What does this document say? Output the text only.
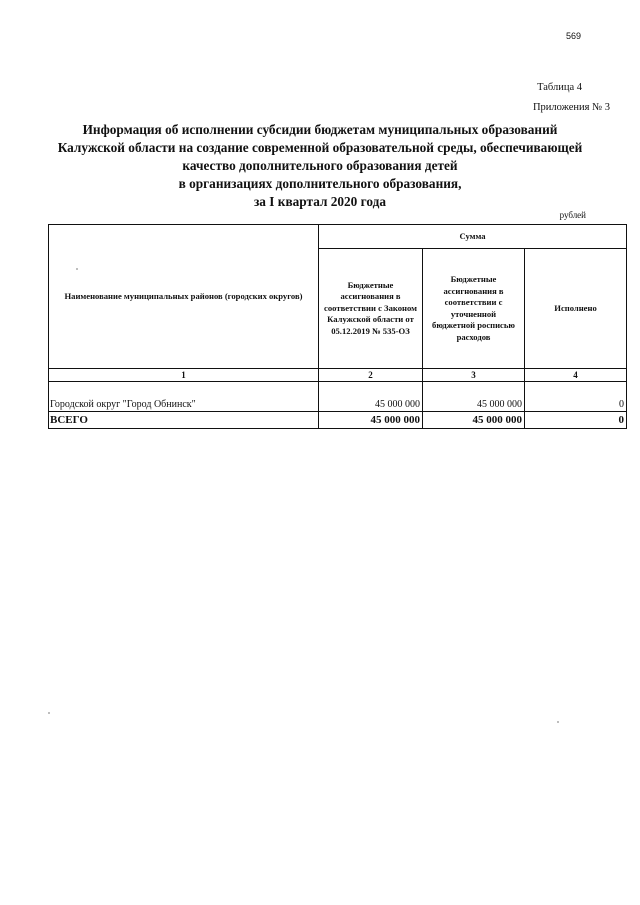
569
Таблица 4
Приложения № 3
Информация об исполнении субсидии бюджетам муниципальных образований
Калужской области на создание современной образовательной среды, обеспечивающей
качество дополнительного образования детей
в организациях дополнительного образования,
за I квартал 2020 года
рублей
Наименование муниципальных районов (городских округов)	Сумма		
	Бюджетные ассигнования в соответствии с Законом Калужской области от 05.12.2019 № 535-ОЗ	Бюджетные ассигнования в соответствии с уточненной бюджетной росписью расходов	Исполнено
1	2	3	4

Городской округ "Город Обнинск"	45 000 000	45 000 000	0
ВСЕГО	45 000 000	45 000 000	0
